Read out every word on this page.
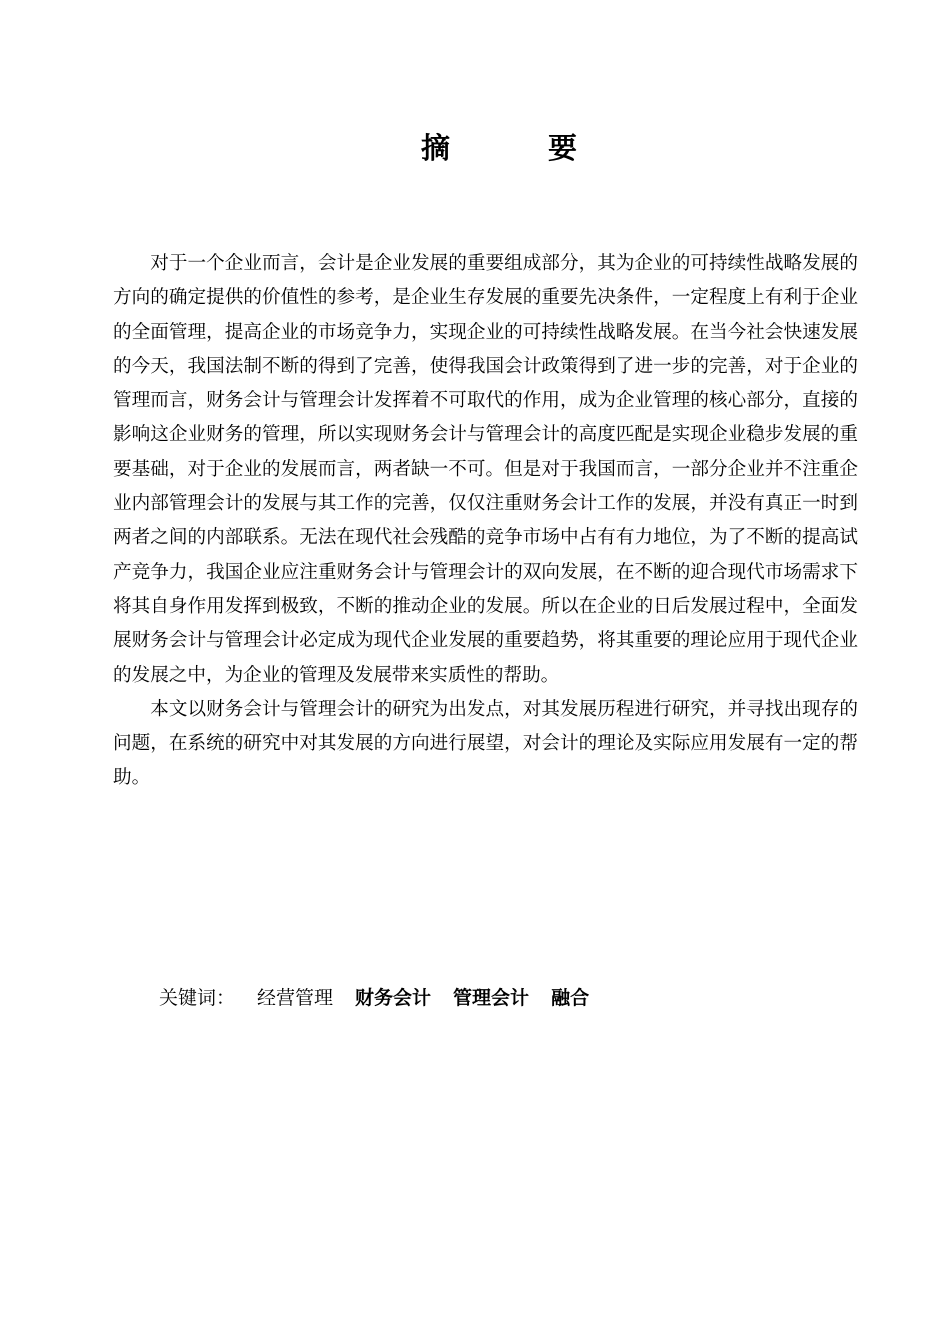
摘 要

对于一个企业而言，会计是企业发展的重要组成部分，其为企业的可持续性战略发展的方向的确定提供的价值性的参考，是企业生存发展的重要先决条件，一定程度上有利于企业的全面管理，提高企业的市场竞争力，实现企业的可持续性战略发展。在当今社会快速发展的今天，我国法制不断的得到了完善，使得我国会计政策得到了进一步的完善，对于企业的管理而言，财务会计与管理会计发挥着不可取代的作用，成为企业管理的核心部分，直接的影响这企业财务的管理，所以实现财务会计与管理会计的高度匹配是实现企业稳步发展的重要基础，对于企业的发展而言，两者缺一不可。但是对于我国而言，一部分企业并不注重企业内部管理会计的发展与其工作的完善，仅仅注重财务会计工作的发展，并没有真正一时到两者之间的内部联系。无法在现代社会残酷的竞争市场中占有有力地位，为了不断的提高试产竞争力，我国企业应注重财务会计与管理会计的双向发展，在不断的迎合现代市场需求下将其自身作用发挥到极致，不断的推动企业的发展。所以在企业的日后发展过程中，全面发展财务会计与管理会计必定成为现代企业发展的重要趋势，将其重要的理论应用于现代企业的发展之中，为企业的管理及发展带来实质性的帮助。

本文以财务会计与管理会计的研究为出发点，对其发展历程进行研究，并寻找出现存的问题，在系统的研究中对其发展的方向进行展望，对会计的理论及实际应用发展有一定的帮助。

关键词： 经营管理 财务会计 管理会计 融合
